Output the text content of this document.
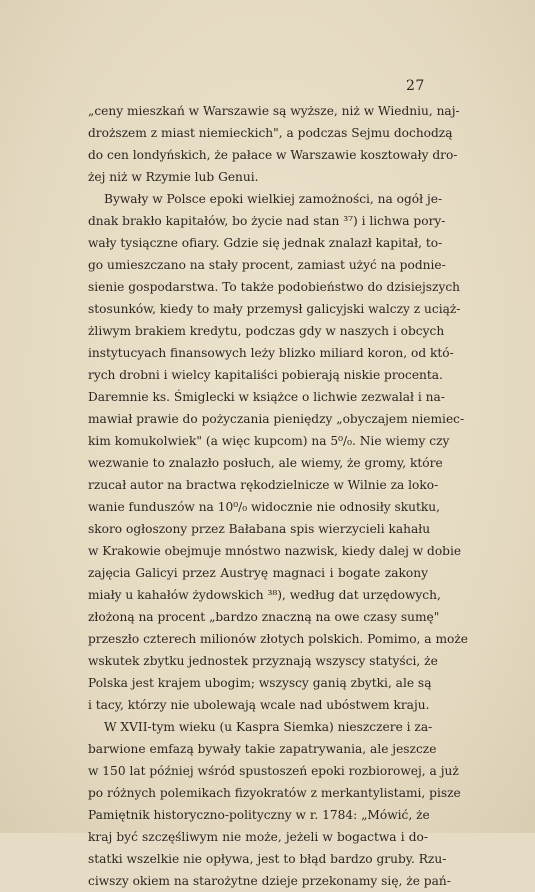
27
„ceny mieszkań w Warszawie są wyższe, niż w Wiedniu, naj-
droższem z miast niemieckich", a podczas Sejmu dochodzą
do cen londyńskich, że pałace w Warszawie kosztowały dro-
żej niż w Rzymie lub Genui.
Bywały w Polsce epoki wielkiej zamożności, na ogół je-
dnak brakło kapitałów, bo życie nad stan ³⁷) i lichwa pory-
wały tysiączne ofiary. Gdzie się jednak znalazł kapitał, to-
go umieszczano na stały procent, zamiast użyć na podnie-
sienie gospodarstwa. To także podobieństwo do dzisiejszych
stosunków, kiedy to mały przemysł galicyjski walczy z uciąż-
żliwym brakiem kredytu, podczas gdy w naszych i obcych
instytucyach finansowych leży blizko miliard koron, od któ-
rych drobni i wielcy kapitaliści pobierają niskie procenta.
Daremnie ks. Śmiglecki w książce o lichwie zezwalał i na-
mawiał prawie do pożyczania pieniędzy „obyczajem niemiec-
kim komukolwiek" (a więc kupcom) na 5⁰/₀. Nie wiemy czy
wezwanie to znalazło posłuch, ale wiemy, że gromy, które
rzucał autor na bractwa rękodzielnicze w Wilnie za loko-
wanie funduszów na 10⁰/₀ widocznie nie odnosiły skutku,
skoro ogłoszony przez Bałabana spis wierzycieli kahału
w Krakowie obejmuje mnóstwo nazwisk, kiedy dalej w dobie
zajęcia Galicyi przez Austryę magnaci i bogate zakony
miały u kahałów żydowskich ³⁸), według dat urzędowych,
złożoną na procent „bardzo znaczną na owe czasy sumę"
przeszło czterech milionów złotych polskich. Pomimo, a może
wskutek zbytku jednostek przyznają wszyscy statyści, że
Polska jest krajem ubogim; wszyscy ganią zbytki, ale są
i tacy, którzy nie ubolewają wcale nad ubóstwem kraju.
W XVII-tym wieku (u Kaspra Siemka) nieszczere i za-
barwione emfazą bywały takie zapatrywania, ale jeszcze
w 150 lat później wśród spustoszeń epoki rozbiorowej, a już
po różnych polemikach fizyokratów z merkantylistami, pisze
Pamiętnik historyczno-polityczny w r. 1784: „Mówić, że
kraj być szczęśliwym nie może, jeżeli w bogactwa i do-
statki wszelkie nie opływa, jest to błąd bardzo gruby. Rzu-
ciwszy okiem na starożytne dzieje przekonamy się, że pań-
